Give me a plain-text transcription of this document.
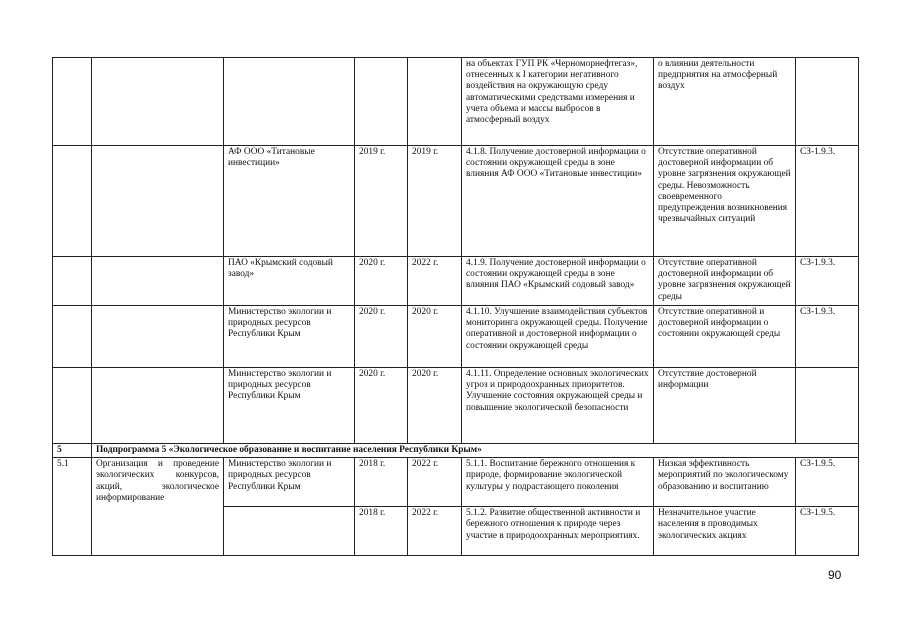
					на объектах ГУП РК «Черноморнефтегаз», отнесенных к I категории негативного воздействия на окружающую среду автоматическими средствами измерения и учета объема и массы выбросов в атмосферный воздух	о влиянии деятельности предприятия на атмосферный воздух	
		АФ ООО «Титановые инвестиции»	2019 г.	2019 г.	4.1.8. Получение достоверной информации о состоянии окружающей среды в зоне влияния АФ ООО «Титановые инвестиции»	Отсутствие оперативной достоверной информации об уровне загрязнения окружающей среды. Невозможность своевременного предупреждения возникновения чрезвычайных ситуаций	СЗ-1.9.3.
		ПАО «Крымский содовый завод»	2020 г.	2022 г.	4.1.9. Получение достоверной информации о состоянии окружающей среды в зоне влияния ПАО «Крымский содовый завод»	Отсутствие оперативной достоверной информации об уровне загрязнения окружающей среды	СЗ-1.9.3.
		Министерство экологии и природных ресурсов Республики Крым	2020 г.	2020 г.	4.1.10. Улучшение взаимодействия субъектов мониторинга окружающей среды. Получение оперативной и достоверной информации о состоянии окружающей среды	Отсутствие оперативной и достоверной информации о состоянии окружающей среды	СЗ-1.9.3.
		Министерство экологии и природных ресурсов Республики Крым	2020 г.	2020 г.	4.1.11. Определение основных экологических угроз и природоохранных приоритетов. Улучшение состояния окружающей среды и повышение экологической безопасности	Отсутствие достоверной информации	
5	Подпрограмма 5 «Экологическое образование и воспитание населения Республики Крым»						
5.1	Организация и проведение экологических конкурсов, акций, экологическое информирование	Министерство экологии и природных ресурсов Республики Крым	2018 г.	2022 г.	5.1.1. Воспитание бережного отношения к природе, формирование экологической культуры у подрастающего поколения	Низкая эффективность мероприятий по экологическому образованию и воспитанию	СЗ-1.9.5.
			2018 г.	2022 г.	5.1.2. Развитие общественной активности и бережного отношения к природе через участие в природоохранных мероприятиях.	Незначительное участие населения в проводимых экологических акциях	СЗ-1.9.5.
90
